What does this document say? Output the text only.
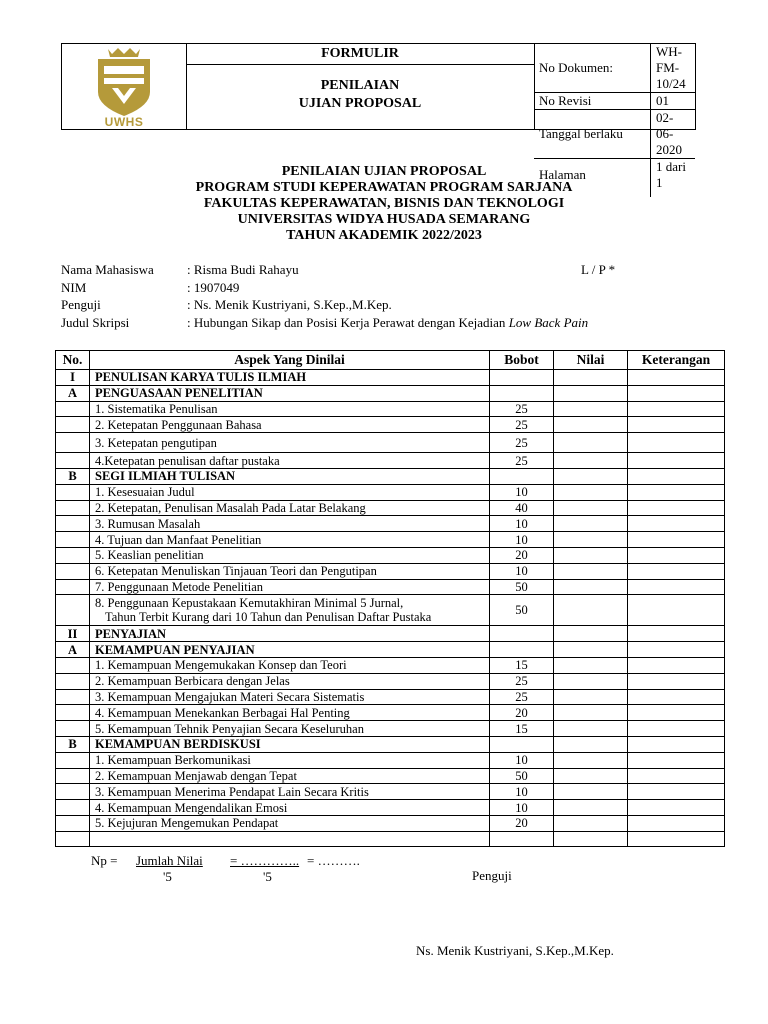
UWHS
FORMULIR
PENILAIAN
UJIAN PROPOSAL
No Dokumen:	WH-FM-10/24
No Revisi	01
Tanggal berlaku	02-06-2020
Halaman	1 dari 1
PENILAIAN UJIAN PROPOSAL
PROGRAM STUDI KEPERAWATAN PROGRAM SARJANA
FAKULTAS KEPERAWATAN, BISNIS DAN TEKNOLOGI
UNIVERSITAS WIDYA HUSADA SEMARANG
TAHUN AKADEMIK 2022/2023
Nama Mahasiswa	: Risma Budi Rahayu	L / P *
NIM	: 1907049
Penguji	: Ns. Menik Kustriyani, S.Kep.,M.Kep.
Judul Skripsi	: Hubungan Sikap dan Posisi Kerja Perawat dengan Kejadian Low Back Pain
No.	Aspek Yang Dinilai	Bobot	Nilai	Keterangan
I	PENULISAN KARYA TULIS ILMIAH			

A	PENGUASAAN PENELITIAN			

	1. Sistematika Penulisan	25		

	2. Ketepatan Penggunaan Bahasa	25		

	3. Ketepatan pengutipan	25		

	4.Ketepatan penulisan daftar pustaka	25		
B	SEGI ILMIAH TULISAN			

	1. Kesesuaian Judul	10		

	2. Ketepatan, Penulisan Masalah Pada Latar Belakang	40		

	3. Rumusan Masalah	10		

	4. Tujuan dan Manfaat Penelitian	10		

	5. Keaslian penelitian	20		

	6. Ketepatan Menuliskan Tinjauan Teori dan Pengutipan	10		

	7. Penggunaan Metode Penelitian	50		

	8. Penggunaan Kepustakaan Kemutakhiran Minimal 5 Jurnal,
Tahun Terbit Kurang dari 10 Tahun dan Penulisan Daftar Pustaka	50		
II	PENYAJIAN			

A	KEMAMPUAN PENYAJIAN			

	1. Kemampuan Mengemukakan Konsep dan Teori	15		

	2. Kemampuan Berbicara dengan Jelas	25		

	3. Kemampuan Mengajukan Materi Secara Sistematis	25		

	4. Kemampuan Menekankan Berbagai Hal Penting	20		

	5. Kemampuan Tehnik Penyajian Secara Keseluruhan	15		
B	KEMAMPUAN BERDISKUSI			

	1. Kemampuan Berkomunikasi	10		

	2. Kemampuan Menjawab dengan Tepat	50		

	3. Kemampuan Menerima Pendapat Lain Secara Kritis	10		

	4. Kemampuan Mengendalikan Emosi	10		

	5. Kejujuran Mengemukan Pendapat	20		

Np = Jumlah Nilai = ………….. = ……….
'5	'5	Penguji
Ns. Menik Kustriyani, S.Kep.,M.Kep.
